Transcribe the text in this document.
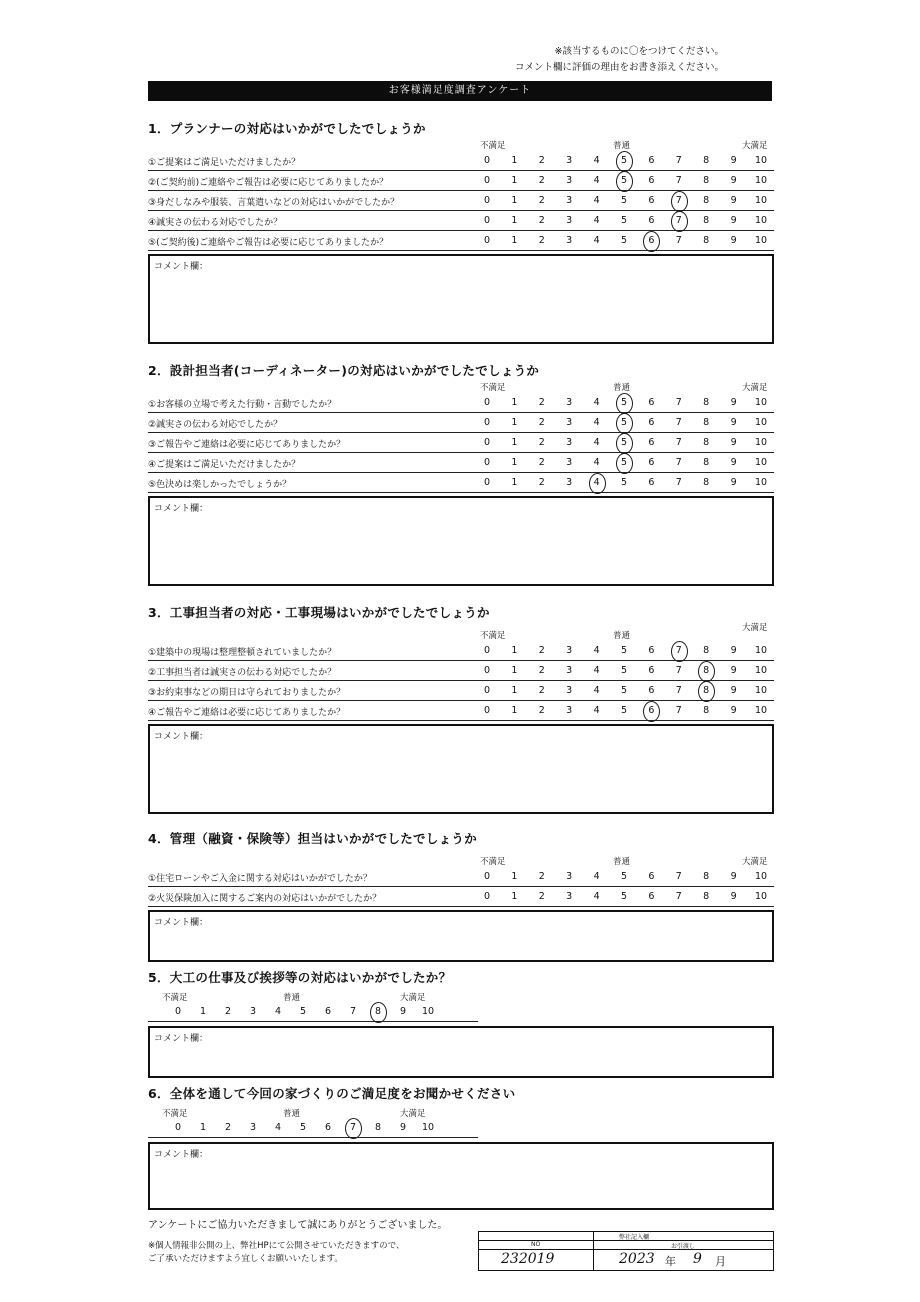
※該当するものに〇をつけてください。
コメント欄に評価の理由をお書き添えください。
お客様満足度調査アンケート
1．プランナーの対応はいかがでしたでしょうか
不満足	普通	大満足
①ご提案はご満足いただけましたか？	0	1	2	3	4	5	6	7	8	9	10
②(ご契約前)ご連絡やご報告は必要に応じてありましたか？	0	1	2	3	4	5	6	7	8	9	10
③身だしなみや服装、言葉遣いなどの対応はいかがでしたか？	0	1	2	3	4	5	6	7	8	9	10
④誠実さの伝わる対応でしたか？	0	1	2	3	4	5	6	7	8	9	10
⑤(ご契約後)ご連絡やご報告は必要に応じてありましたか？	0	1	2	3	4	5	6	7	8	9	10
コメント欄：
2．設計担当者(コーディネーター)の対応はいかがでしたでしょうか
不満足	普通	大満足
①お客様の立場で考えた行動・言動でしたか？	0	1	2	3	4	5	6	7	8	9	10
②誠実さの伝わる対応でしたか？	0	1	2	3	4	5	6	7	8	9	10
③ご報告やご連絡は必要に応じてありましたか？	0	1	2	3	4	5	6	7	8	9	10
④ご提案はご満足いただけましたか？	0	1	2	3	4	5	6	7	8	9	10
⑤色決めは楽しかったでしょうか？	0	1	2	3	4	5	6	7	8	9	10
コメント欄：
3．工事担当者の対応・工事現場はいかがでしたでしょうか
不満足	普通
大満足
①建築中の現場は整理整頓されていましたか？	0	1	2	3	4	5	6	7	8	9	10
②工事担当者は誠実さの伝わる対応でしたか？	0	1	2	3	4	5	6	7	8	9	10
③お約束事などの期日は守られておりましたか？	0	1	2	3	4	5	6	7	8	9	10
④ご報告やご連絡は必要に応じてありましたか？	0	1	2	3	4	5	6	7	8	9	10
コメント欄：
4．管理（融資・保険等）担当はいかがでしたでしょうか
不満足	普通	大満足
①住宅ローンやご入金に関する対応はいかがでしたか？	0	1	2	3	4	5	6	7	8	9	10
②火災保険加入に関するご案内の対応はいかがでしたか？	0	1	2	3	4	5	6	7	8	9	10
コメント欄：
5．大工の仕事及び挨拶等の対応はいかがでしたか？
不満足	普通	大満足
0	1	2	3	4	5	6	7	8	9	10
コメント欄：
6．全体を通して今回の家づくりのご満足度をお聞かせください
不満足	普通	大満足
0	1	2	3	4	5	6	7	8	9	10
コメント欄：
アンケートにご協力いただきまして誠にありがとうございました。
※個人情報非公開の上、弊社HPにて公開させていただきますので、
ご了承いただけますよう宜しくお願いいたします。
弊社記入欄
NO	お引渡し
232019	2023 年 9 月
